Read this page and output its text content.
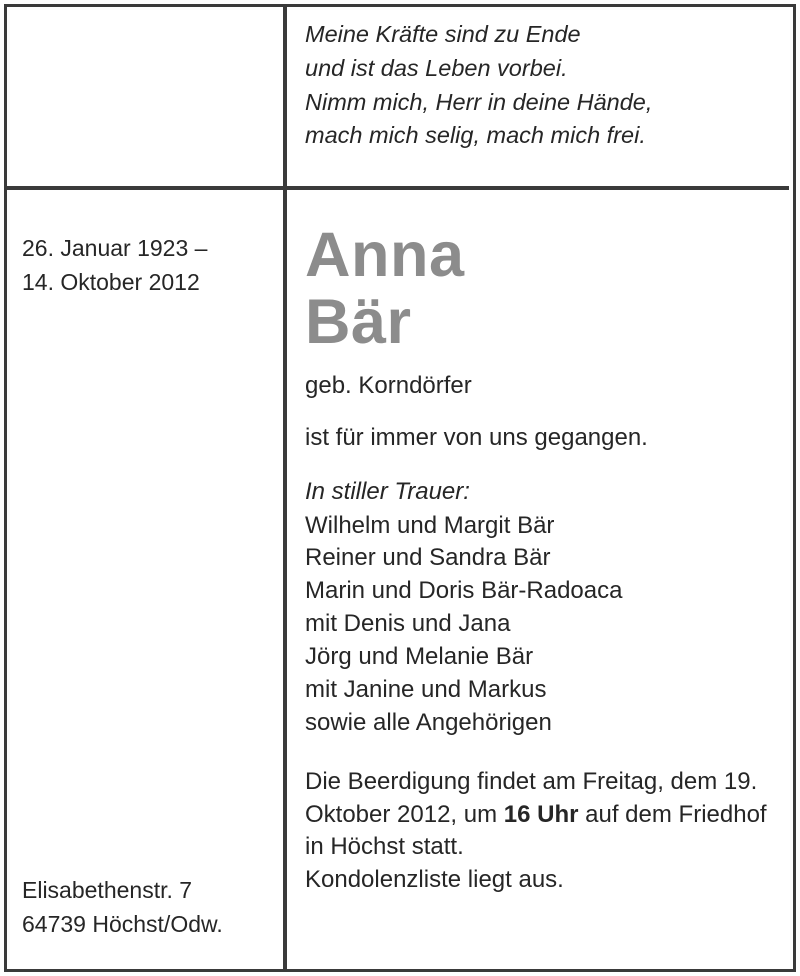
Meine Kräfte sind zu Ende
und ist das Leben vorbei.
Nimm mich, Herr in deine Hände,
mach mich selig, mach mich frei.
26. Januar 1923 –
14. Oktober 2012
Elisabethenstr. 7
64739 Höchst/Odw.
Anna
Bär
geb. Korndörfer
ist für immer von uns gegangen.
In stiller Trauer:
Wilhelm und Margit Bär
Reiner und Sandra Bär
Marin und Doris Bär-Radoaca
mit Denis und Jana
Jörg und Melanie Bär
mit Janine und Markus
sowie alle Angehörigen
Die Beerdigung findet am Freitag, dem 19. Oktober 2012, um 16 Uhr auf dem Friedhof in Höchst statt.
Kondolenzliste liegt aus.
